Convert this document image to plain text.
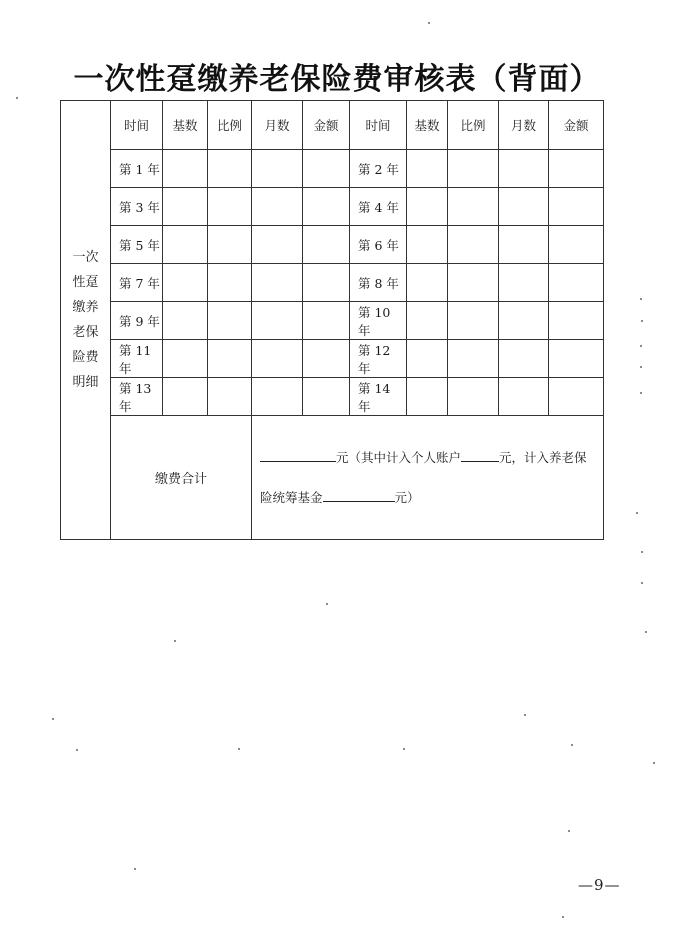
一次性趸缴养老保险费审核表（背面）
一次性趸缴养老保险费明细	时间	基数	比例	月数	金额	时间	基数	比例	月数	金额
	第 1 年					第 2 年				
	第 3 年					第 4 年				
	第 5 年					第 6 年				
	第 7 年					第 8 年				
	第 9 年					第 10 年				
	第 11 年					第 12 年				
	第 13 年					第 14 年				
	缴费合计			元（其中计入个人账户 元，计入养老保险统筹基金 元）						
—9—
